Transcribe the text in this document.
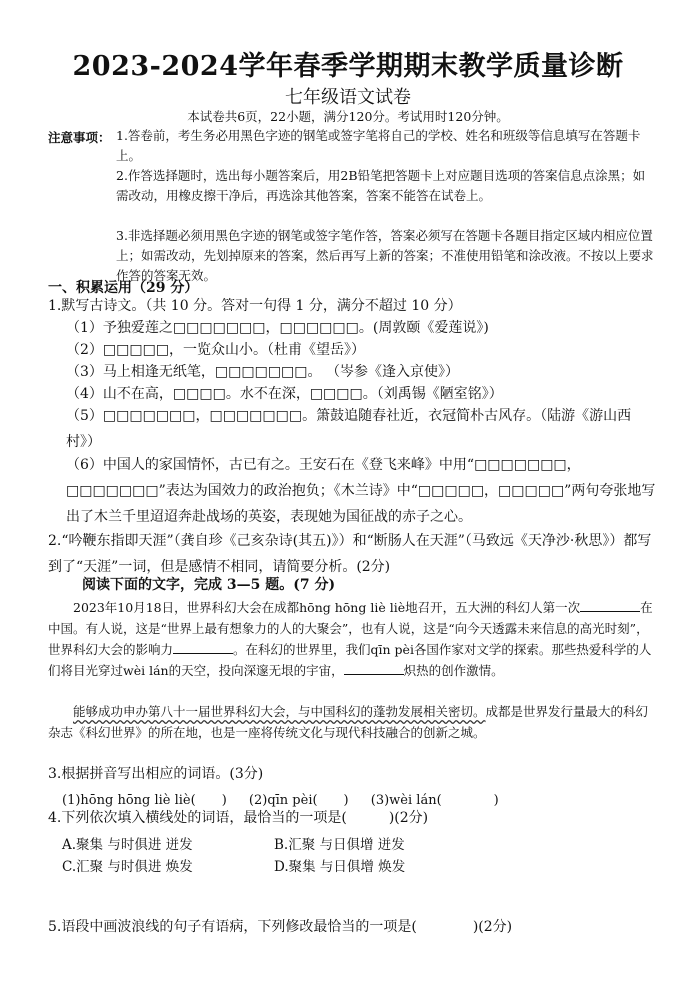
2023-2024学年春季学期期末教学质量诊断
七年级语文试卷
本试卷共6页，22小题，满分120分。考试用时120分钟。
注意事项： 1.答卷前，考生务必用黑色字迹的钢笔或签字笔将自己的学校、姓名和班级等信息填写在答题卡上。
2.作答选择题时，选出每小题答案后，用2B铅笔把答题卡上对应题目选项的答案信息点涂黑；如需改动，用橡皮擦干净后，再选涂其他答案，答案不能答在试卷上。
3.非选择题必须用黑色字迹的钢笔或签字笔作答，答案必须写在答题卡各题目指定区域内相应位置上；如需改动，先划掉原来的答案，然后再写上新的答案；不准使用铅笔和涂改液。不按以上要求作答的答案无效。
一、积累运用（29 分）
1.默写古诗文。（共 10 分。答对一句得 1 分，满分不超过 10 分）
（1）予独爱莲之□□□□□□□，□□□□□□。(周敦颐《爱莲说》)
（2）□□□□□，一览众山小。（杜甫《望岳》）
（3）马上相逢无纸笔，□□□□□□□。 （岑参《逢入京使》）
（4）山不在高，□□□□。水不在深，□□□□。（刘禹锡《陋室铭》）
（5）□□□□□□□，□□□□□□□。箫鼓追随春社近，衣冠简朴古风存。（陆游《游山西村》）
（6）中国人的家国情怀，古已有之。王安石在《登飞来峰》中用“□□□□□□□，□□□□□□□”表达为国效力的政治抱负；《木兰诗》中“□□□□□，□□□□□”两句夸张地写出了木兰千里迢迢奔赴战场的英姿，表现她为国征战的赤子之心。
2.“吟鞭东指即天涯”（龚自珍《己亥杂诗(其五)》）和“断肠人在天涯”（马致远《天净沙·秋思》）都写到了“天涯”一词，但是感情不相同，请简要分析。(2分)
阅读下面的文字，完成 3—5 题。(7 分)
2023年10月18日，世界科幻大会在成都hōng hōng liè liè地召开，五大洲的科幻人第一次	在中国。有人说，这是“世界上最有想象力的人的大聚会”，也有人说，这是“向今天透露未来信息的高光时刻”，世界科幻大会的影响力	。在科幻的世界里，我们qīn pèi各国作家对文学的探索。那些热爱科学的人们将目光穿过wèi lán的天空，投向深邃无垠的宇宙，	炽热的创作激情。
能够成功申办第八十一届世界科幻大会，与中国科幻的蓬勃发展相关密切。成都是世界发行量最大的科幻杂志《科幻世界》的所在地，也是一座将传统文化与现代科技融合的创新之城。
3.根据拼音写出相应的词语。(3分)
(1)hōng hōng liè liè(　　) (2)qīn pèi(　　) (3)wèi lán(　　　　)
4.下列依次填入横线处的词语，最恰当的一项是(　　　)(2分)
A.聚集 与时俱进 迸发	B.汇聚 与日俱增 迸发
C.汇聚 与时俱进 焕发	D.聚集 与日俱增 焕发
5.语段中画波浪线的句子有语病，下列修改最恰当的一项是(　　　　)(2分)
